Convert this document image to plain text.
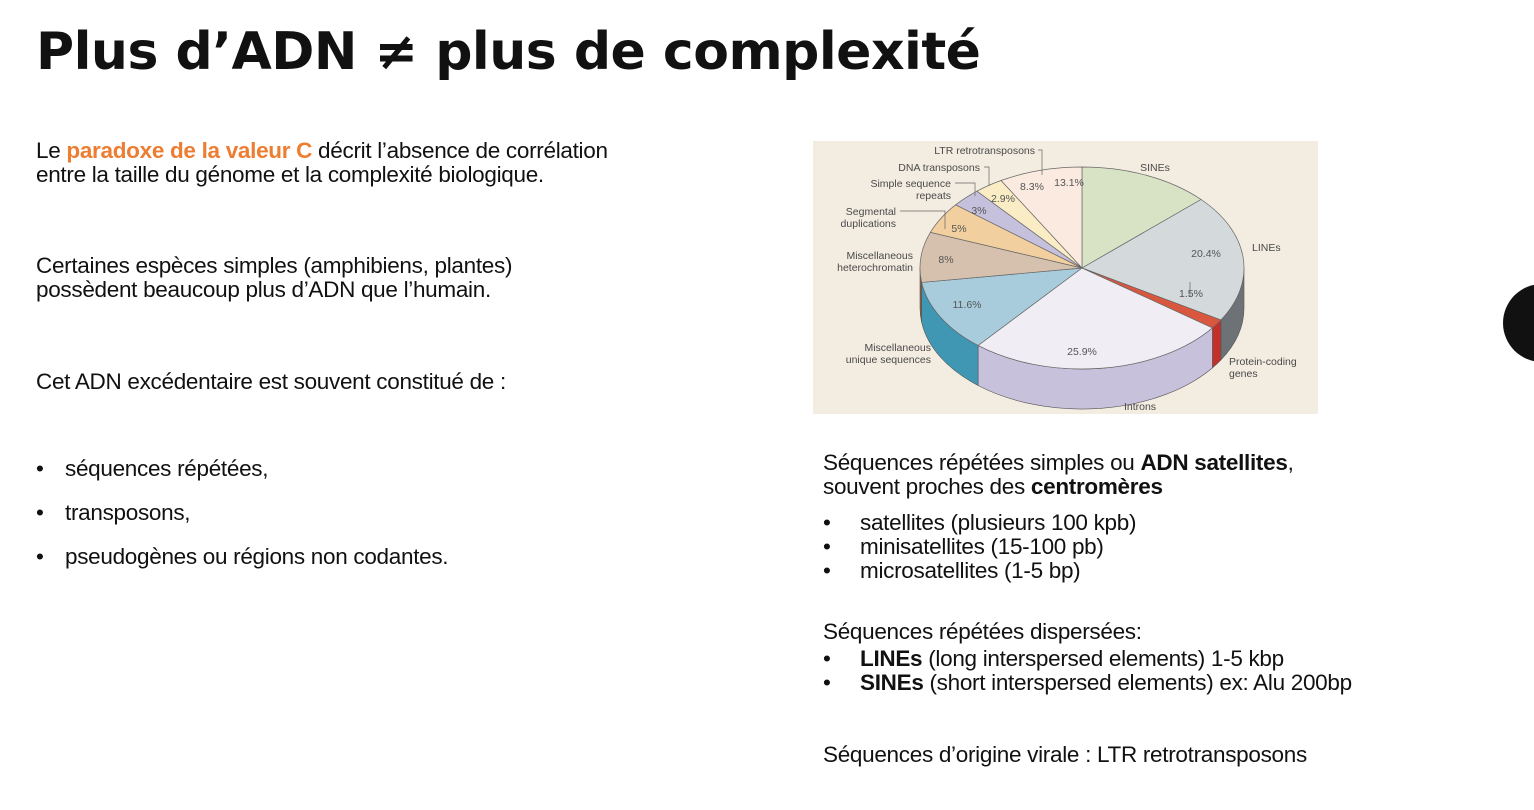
Plus d’ADN ≠ plus de complexité

Le paradoxe de la valeur C décrit l’absence de corrélation
entre la taille du génome et la complexité biologique.

Certaines espèces simples (amphibiens, plantes)
possèdent beaucoup plus d’ADN que l’humain.

Cet ADN excédentaire est souvent constitué de :

• séquences répétées,
• transposons,
• pseudogènes ou régions non codantes.
13.1%
20.4%
1.5%
25.9%
11.6%
8%
5%
3%
2.9%
8.3%
SINEs
LINEs
Protein-coding genes
Introns
Miscellaneous unique sequences
Miscellaneous heterochromatin
Segmental duplications
Simple sequence repeats
DNA transposons
LTR retrotransposons

Séquences répétées simples ou ADN satellites,
souvent proches des centromères

•	satellites (plusieurs 100 kpb)
•	minisatellites (15-100 pb)
•	microsatellites (1-5 bp)

Séquences répétées dispersées:

•	LINEs (long interspersed elements) 1-5 kbp
•	SINEs (short interspersed elements) ex: Alu 200bp

Séquences d’origine virale : LTR retrotransposons
